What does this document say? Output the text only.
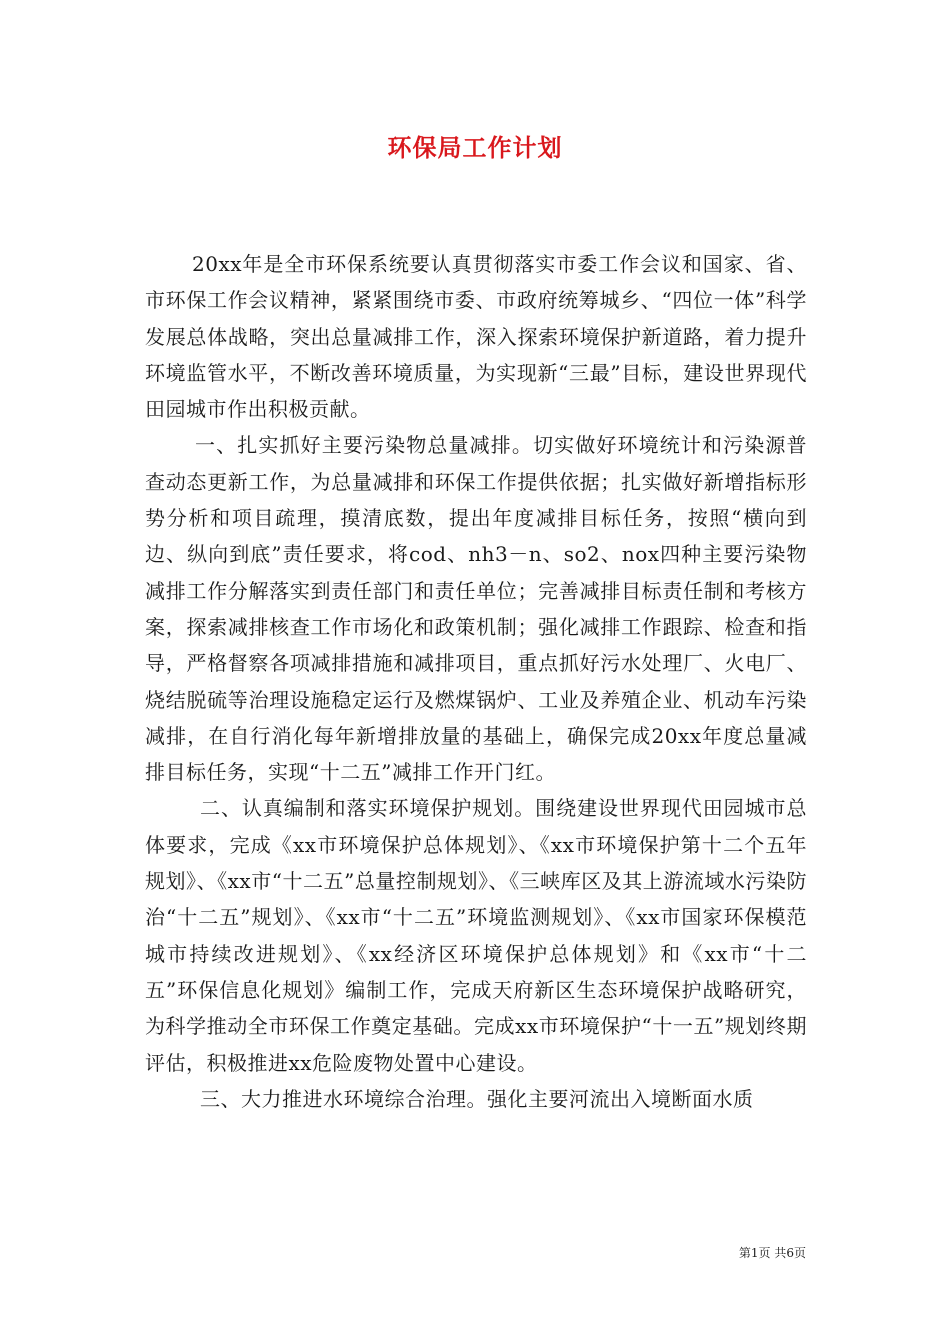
环保局工作计划

20xx年是全市环保系统要认真贯彻落实市委工作会议和国家、省、市环保工作会议精神，紧紧围绕市委、市政府统筹城乡、“四位一体”科学发展总体战略，突出总量减排工作，深入探索环境保护新道路，着力提升环境监管水平，不断改善环境质量，为实现新“三最”目标，建设世界现代田园城市作出积极贡献。

一、扎实抓好主要污染物总量减排。切实做好环境统计和污染源普查动态更新工作，为总量减排和环保工作提供依据；扎实做好新增指标形势分析和项目疏理，摸清底数，提出年度减排目标任务，按照“横向到边、纵向到底”责任要求，将cod、nh3－n、so2、nox四种主要污染物减排工作分解落实到责任部门和责任单位；完善减排目标责任制和考核方案，探索减排核查工作市场化和政策机制；强化减排工作跟踪、检查和指导，严格督察各项减排措施和减排项目，重点抓好污水处理厂、火电厂、烧结脱硫等治理设施稳定运行及燃煤锅炉、工业及养殖企业、机动车污染减排，在自行消化每年新增排放量的基础上，确保完成20xx年度总量减排目标任务，实现“十二五”减排工作开门红。

二、认真编制和落实环境保护规划。围绕建设世界现代田园城市总体要求，完成《xx市环境保护总体规划》、《xx市环境保护第十二个五年规划》、《xx市“十二五”总量控制规划》、《三峡库区及其上游流域水污染防治“十二五”规划》、《xx市“十二五”环境监测规划》、《xx市国家环保模范城市持续改进规划》、《xx经济区环境保护总体规划》和《xx市“十二五”环保信息化规划》编制工作，完成天府新区生态环境保护战略研究，为科学推动全市环保工作奠定基础。完成xx市环境保护“十一五”规划终期评估，积极推进xx危险废物处置中心建设。

三、大力推进水环境综合治理。强化主要河流出入境断面水质

第1页 共6页
